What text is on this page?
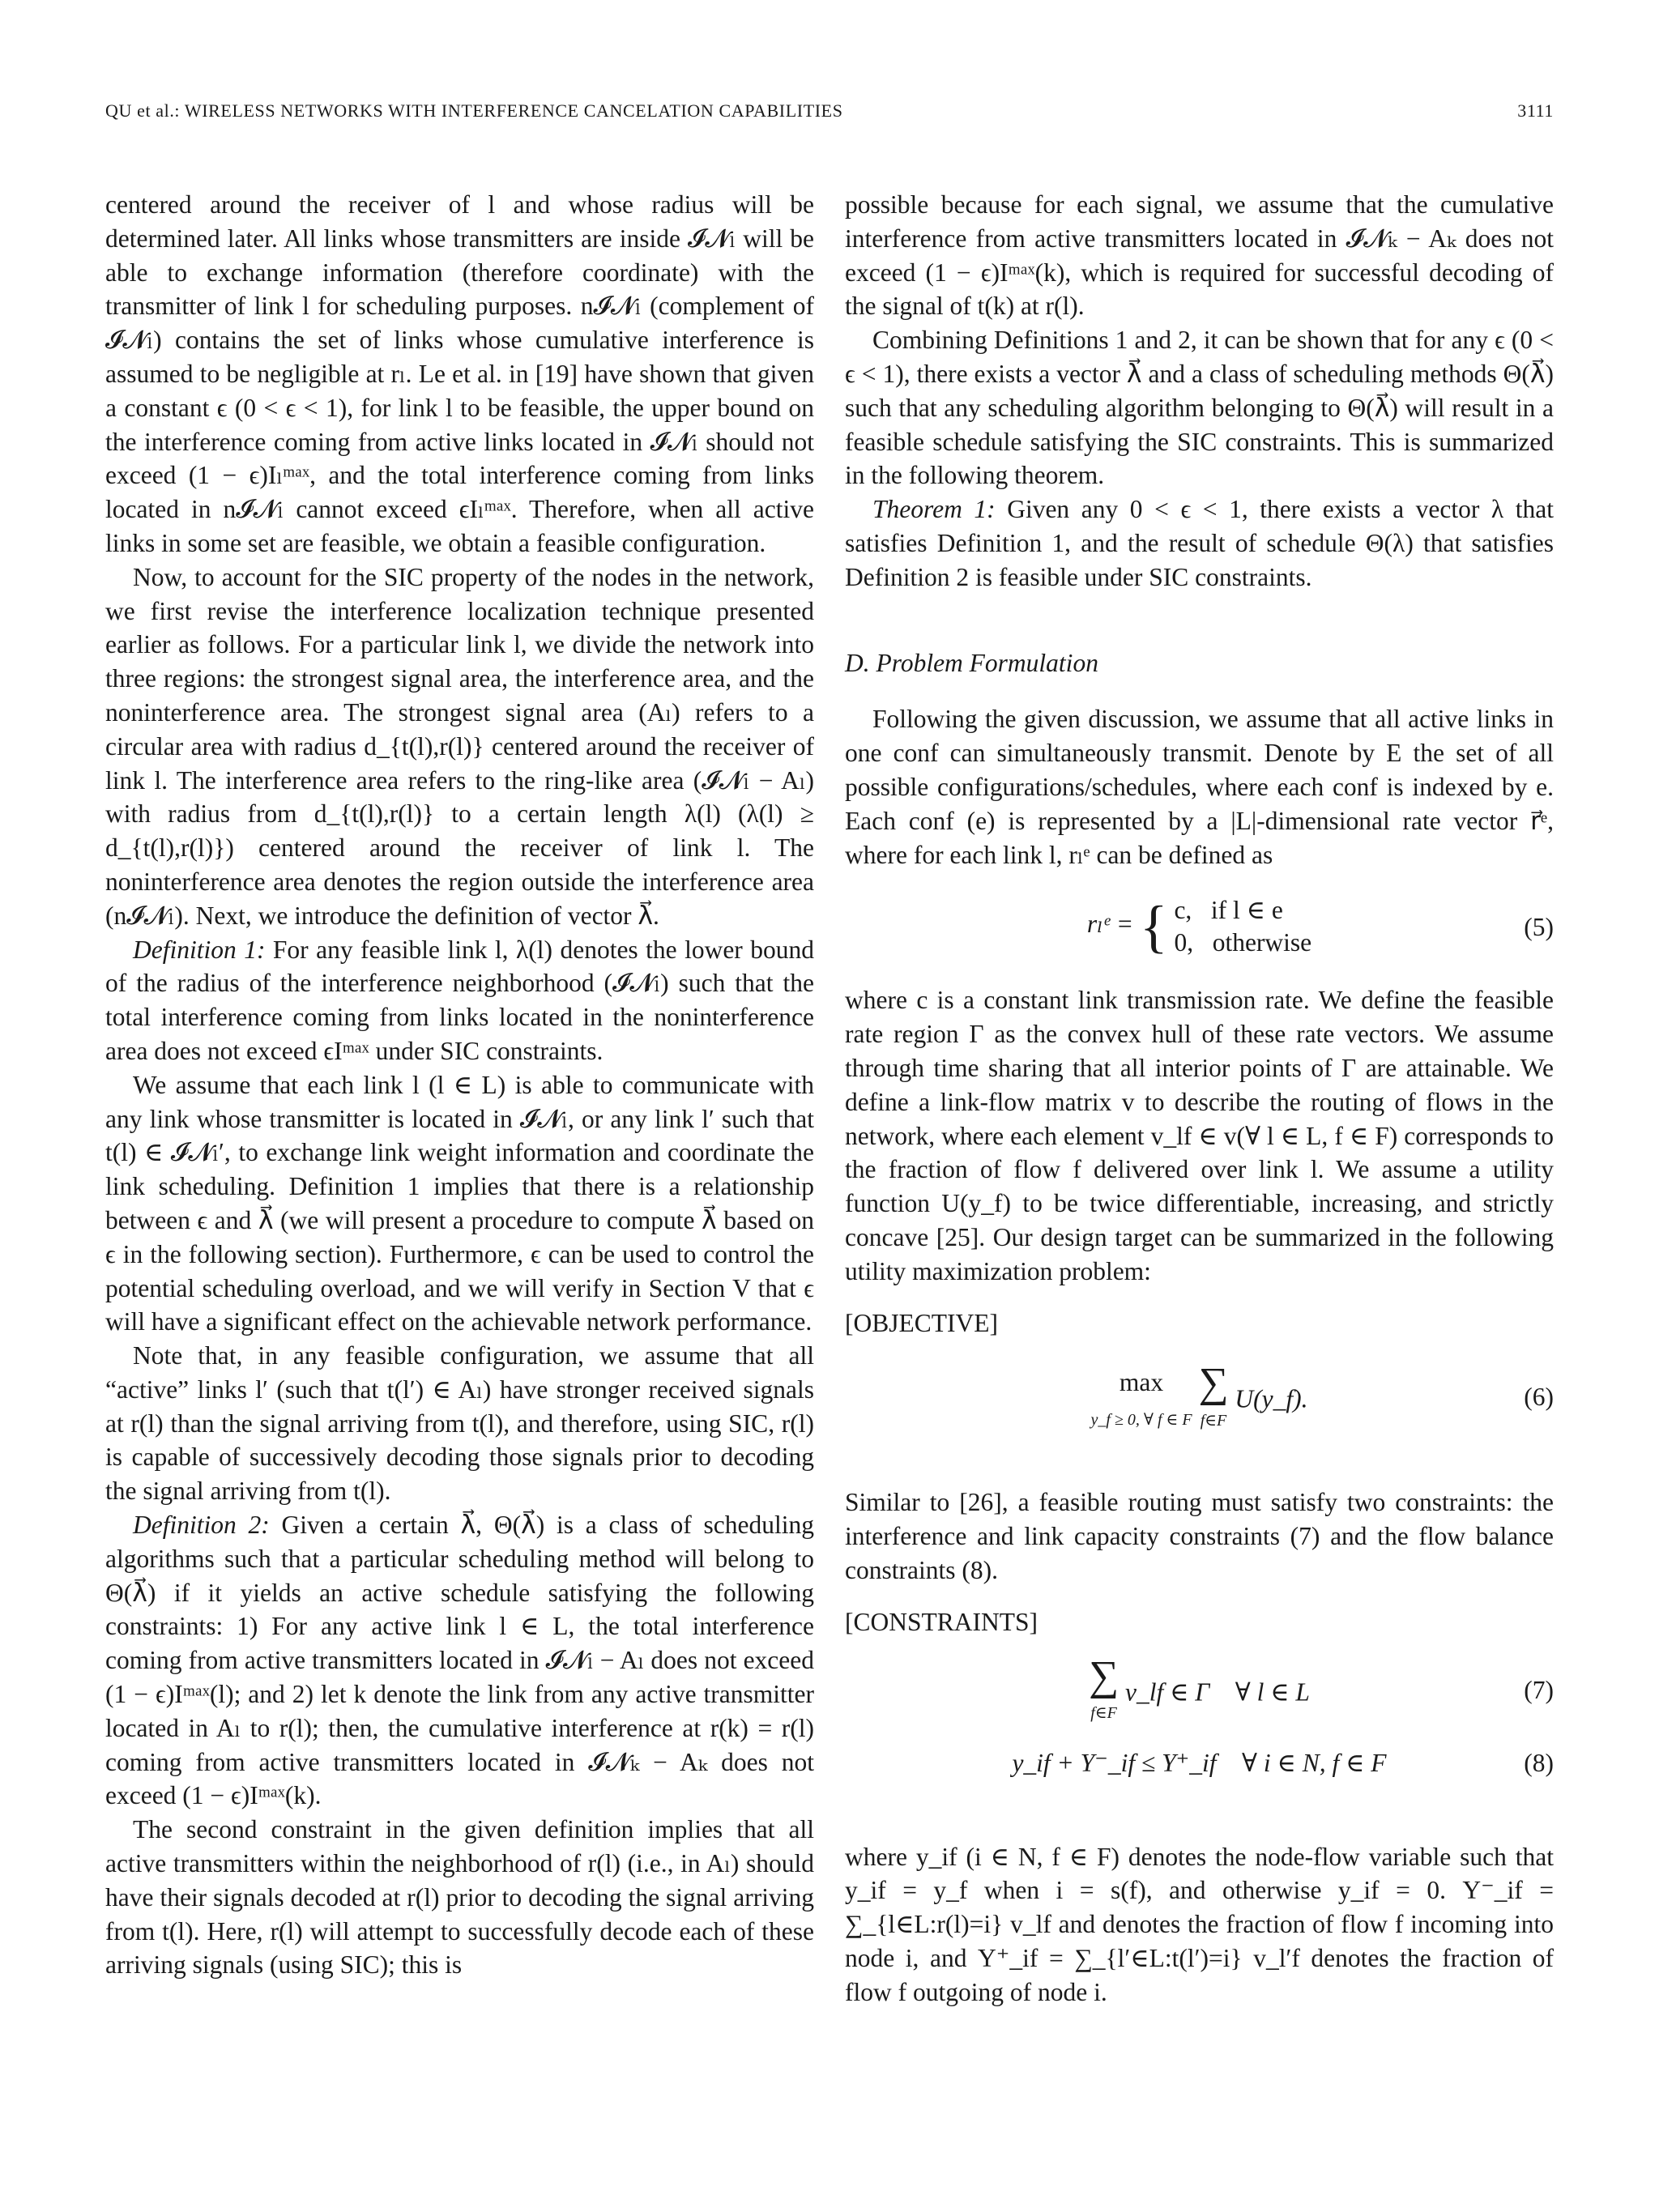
QU et al.: WIRELESS NETWORKS WITH INTERFERENCE CANCELATION CAPABILITIES	3111

centered around the receiver of l and whose radius will be determined later. All links whose transmitters are inside 𝓘𝓝ₗ will be able to exchange information (therefore coordinate) with the transmitter of link l for scheduling purposes. n𝓘𝓝ₗ (complement of 𝓘𝓝ₗ) contains the set of links whose cumulative interference is assumed to be negligible at rₗ. Le et al. in [19] have shown that given a constant ϵ (0 < ϵ < 1), for link l to be feasible, the upper bound on the interference coming from active links located in 𝓘𝓝ₗ should not exceed (1 − ϵ)Iₗᵐᵃˣ, and the total interference coming from links located in n𝓘𝓝ₗ cannot exceed ϵIₗᵐᵃˣ. Therefore, when all active links in some set are feasible, we obtain a feasible configuration.

Now, to account for the SIC property of the nodes in the network, we first revise the interference localization technique presented earlier as follows. For a particular link l, we divide the network into three regions: the strongest signal area, the interference area, and the noninterference area. The strongest signal area (Aₗ) refers to a circular area with radius d_{t(l),r(l)} centered around the receiver of link l. The interference area refers to the ring-like area (𝓘𝓝ₗ − Aₗ) with radius from d_{t(l),r(l)} to a certain length λ(l) (λ(l) ≥ d_{t(l),r(l)}) centered around the receiver of link l. The noninterference area denotes the region outside the interference area (n𝓘𝓝ₗ). Next, we introduce the definition of vector λ⃗.

Definition 1: For any feasible link l, λ(l) denotes the lower bound of the radius of the interference neighborhood (𝓘𝓝ₗ) such that the total interference coming from links located in the noninterference area does not exceed ϵIᵐᵃˣ under SIC constraints.

We assume that each link l (l ∈ L) is able to communicate with any link whose transmitter is located in 𝓘𝓝ₗ, or any link l′ such that t(l) ∈ 𝓘𝓝ₗ′, to exchange link weight information and coordinate the link scheduling. Definition 1 implies that there is a relationship between ϵ and λ⃗ (we will present a procedure to compute λ⃗ based on ϵ in the following section). Furthermore, ϵ can be used to control the potential scheduling overload, and we will verify in Section V that ϵ will have a significant effect on the achievable network performance.

Note that, in any feasible configuration, we assume that all “active” links l′ (such that t(l′) ∈ Aₗ) have stronger received signals at r(l) than the signal arriving from t(l), and therefore, using SIC, r(l) is capable of successively decoding those signals prior to decoding the signal arriving from t(l).

Definition 2: Given a certain λ⃗, Θ(λ⃗) is a class of scheduling algorithms such that a particular scheduling method will belong to Θ(λ⃗) if it yields an active schedule satisfying the following constraints: 1) For any active link l ∈ L, the total interference coming from active transmitters located in 𝓘𝓝ₗ − Aₗ does not exceed (1 − ϵ)Iᵐᵃˣ(l); and 2) let k denote the link from any active transmitter located in Aₗ to r(l); then, the cumulative interference at r(k) = r(l) coming from active transmitters located in 𝓘𝓝ₖ − Aₖ does not exceed (1 − ϵ)Iᵐᵃˣ(k).

The second constraint in the given definition implies that all active transmitters within the neighborhood of r(l) (i.e., in Aₗ) should have their signals decoded at r(l) prior to decoding the signal arriving from t(l). Here, r(l) will attempt to successfully decode each of these arriving signals (using SIC); this is

possible because for each signal, we assume that the cumulative interference from active transmitters located in 𝓘𝓝ₖ − Aₖ does not exceed (1 − ϵ)Iᵐᵃˣ(k), which is required for successful decoding of the signal of t(k) at r(l).

Combining Definitions 1 and 2, it can be shown that for any ϵ (0 < ϵ < 1), there exists a vector λ⃗ and a class of scheduling methods Θ(λ⃗) such that any scheduling algorithm belonging to Θ(λ⃗) will result in a feasible schedule satisfying the SIC constraints. This is summarized in the following theorem.

Theorem 1: Given any 0 < ϵ < 1, there exists a vector λ that satisfies Definition 1, and the result of schedule Θ(λ) that satisfies Definition 2 is feasible under SIC constraints.

D. Problem Formulation

Following the given discussion, we assume that all active links in one conf can simultaneously transmit. Denote by E the set of all possible configurations/schedules, where each conf is indexed by e. Each conf (e) is represented by a |L|-dimensional rate vector r⃗ᵉ, where for each link l, rₗᵉ can be defined as

rₗᵉ = { c, if l ∈ e
0, otherwise
(5)

where c is a constant link transmission rate. We define the feasible rate region Γ as the convex hull of these rate vectors. We assume through time sharing that all interior points of Γ are attainable. We define a link-flow matrix v to describe the routing of flows in the network, where each element v_lf ∈ v(∀ l ∈ L, f ∈ F) corresponds to the fraction of flow f delivered over link l. We assume a utility function U(y_f) to be twice differentiable, increasing, and strictly concave [25]. Our design target can be summarized in the following utility maximization problem:

[OBJECTIVE]

max
y_f ≥ 0, ∀ f ∈ F ∑
f∈F U(y_f).	(6)

Similar to [26], a feasible routing must satisfy two constraints: the interference and link capacity constraints (7) and the flow balance constraints (8).

[CONSTRAINTS]

∑
f∈F v_lf ∈ Γ    ∀ l ∈ L	(7)
y_if + Υ⁻_if ≤ Υ⁺_if    ∀ i ∈ N, f ∈ F	(8)

where y_if (i ∈ N, f ∈ F) denotes the node-flow variable such that y_if = y_f when i = s(f), and otherwise y_if = 0. Υ⁻_if = ∑_{l∈L:r(l)=i} v_lf and denotes the fraction of flow f incoming into node i, and Υ⁺_if = ∑_{l′∈L:t(l′)=i} v_l′f denotes the fraction of flow f outgoing of node i.
